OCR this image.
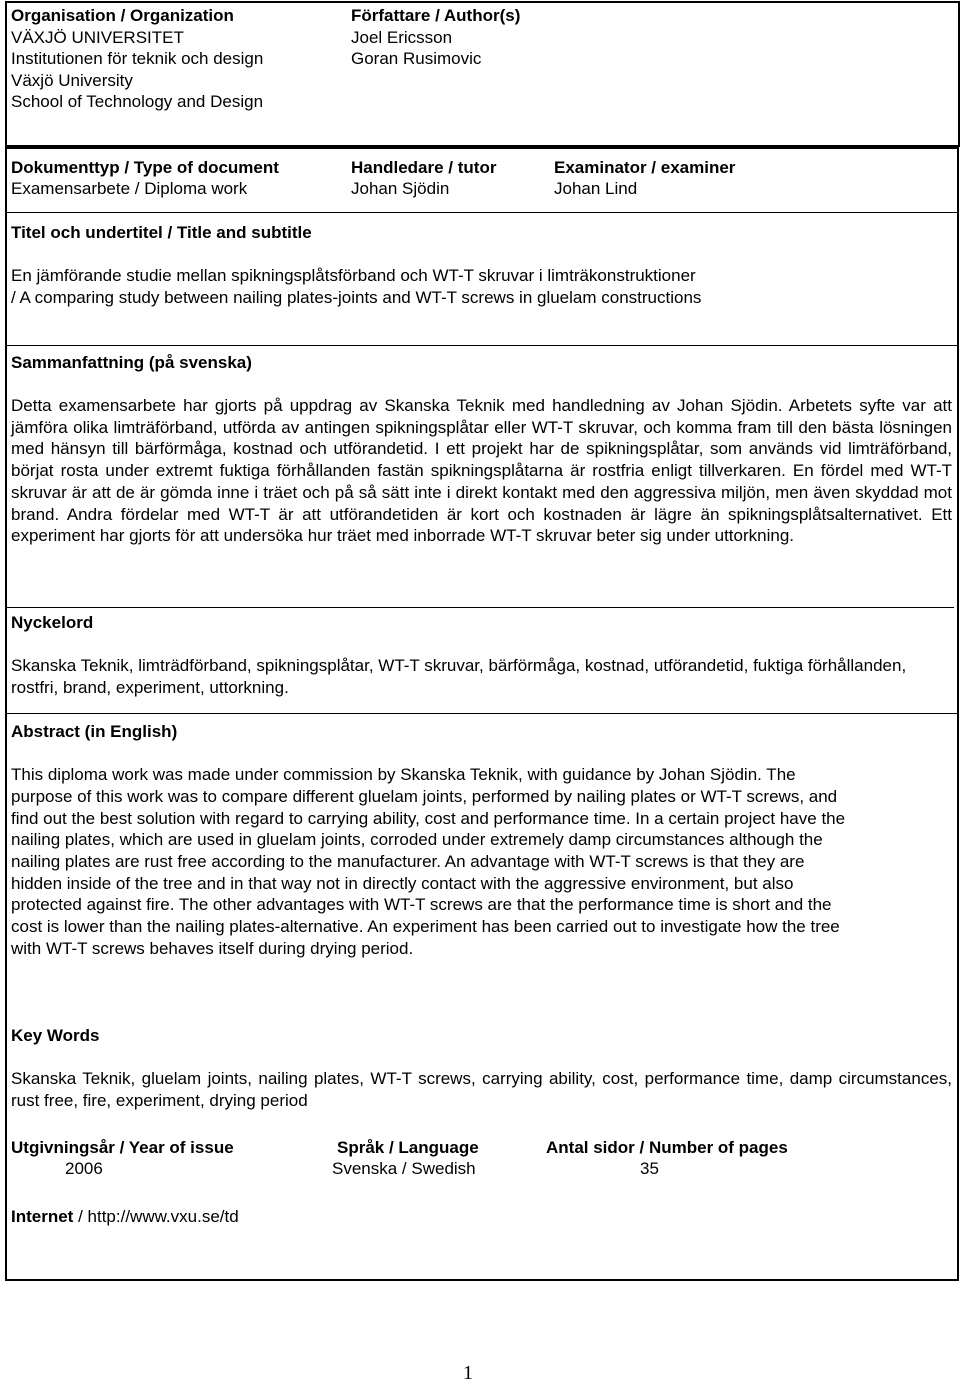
Organisation / Organization
VÄXJÖ UNIVERSITET
Institutionen för teknik och design
Växjö University
School of Technology and Design
Författare / Author(s)
Joel Ericsson
Goran Rusimovic
Dokumenttyp / Type of document
Examensarbete / Diploma work
Handledare / tutor
Johan Sjödin
Examinator / examiner
Johan Lind
Titel och undertitel / Title and subtitle
En jämförande studie mellan spikningsplåtsförband och WT-T skruvar i limträkonstruktioner
/ A comparing study between nailing plates-joints and WT-T screws in gluelam constructions
Sammanfattning (på svenska)
Detta examensarbete har gjorts på uppdrag av Skanska Teknik med handledning av Johan Sjödin. Arbetets syfte var att jämföra olika limträförband, utförda av antingen spikningsplåtar eller WT-T skruvar, och komma fram till den bästa lösningen med hänsyn till bärförmåga, kostnad och utförandetid. I ett projekt har de spikningsplåtar, som används vid limträförband, börjat rosta under extremt fuktiga förhållanden fastän spikningsplåtarna är rostfria enligt tillverkaren. En fördel med WT-T skruvar är att de är gömda inne i träet och på så sätt inte i direkt kontakt med den aggressiva miljön, men även skyddad mot brand. Andra fördelar med WT-T är att utförandetiden är kort och kostnaden är lägre än spikningsplåtsalternativet. Ett experiment har gjorts för att undersöka hur träet med inborrade WT-T skruvar beter sig under uttorkning.
Nyckelord
Skanska Teknik, limträdförband, spikningsplåtar, WT-T skruvar, bärförmåga, kostnad, utförandetid, fuktiga förhållanden, rostfri, brand, experiment, uttorkning.
Abstract (in English)
This diploma work was made under commission by Skanska Teknik, with guidance by Johan Sjödin. The
purpose of this work was to compare different gluelam joints, performed by nailing plates or WT-T screws, and
find out the best solution with regard to carrying ability, cost and performance time. In a certain project have the
nailing plates, which are used in gluelam joints, corroded under extremely damp circumstances although the
nailing plates are rust free according to the manufacturer. An advantage with WT-T screws is that they are
hidden inside of the tree and in that way not in directly contact with the aggressive environment, but also
protected against fire. The other advantages with WT-T screws are that the performance time is short and the
cost is lower than the nailing plates-alternative. An experiment has been carried out to investigate how the tree
with WT-T screws behaves itself during drying period.
Key Words
Skanska Teknik, gluelam joints, nailing plates, WT-T screws, carrying ability, cost, performance time, damp circumstances, rust free, fire, experiment, drying period
Utgivningsår / Year of issue
2006
Språk / Language
Svenska / Swedish
Antal sidor / Number of pages
35
Internet / http://www.vxu.se/td
1
